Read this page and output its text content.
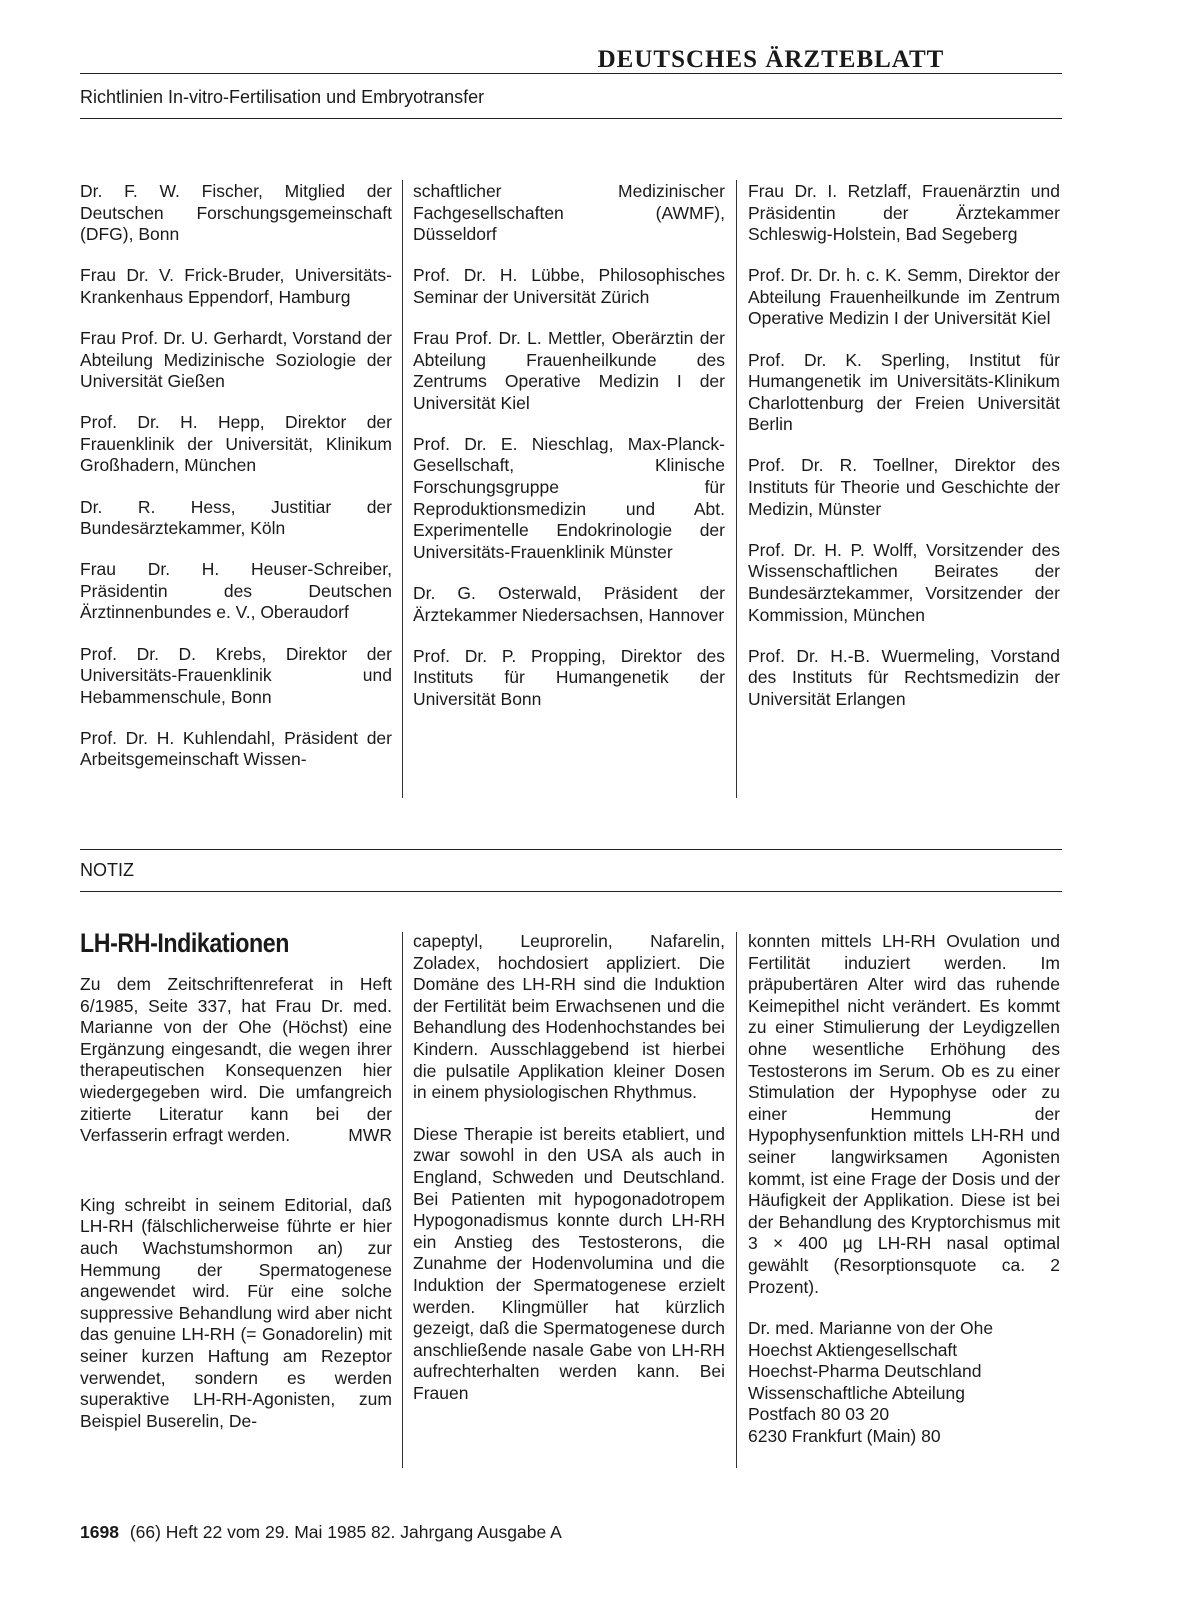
DEUTSCHES ÄRZTEBLATT
Richtlinien In-vitro-Fertilisation und Embryotransfer
Dr. F. W. Fischer, Mitglied der Deutschen Forschungsgemeinschaft (DFG), Bonn
Frau Dr. V. Frick-Bruder, Universitäts-Krankenhaus Eppendorf, Hamburg
Frau Prof. Dr. U. Gerhardt, Vorstand der Abteilung Medizinische Soziologie der Universität Gießen
Prof. Dr. H. Hepp, Direktor der Frauenklinik der Universität, Klinikum Großhadern, München
Dr. R. Hess, Justitiar der Bundesärztekammer, Köln
Frau Dr. H. Heuser-Schreiber, Präsidentin des Deutschen Ärztinnenbundes e. V., Oberaudorf
Prof. Dr. D. Krebs, Direktor der Universitäts-Frauenklinik und Hebammenschule, Bonn
Prof. Dr. H. Kuhlendahl, Präsident der Arbeitsgemeinschaft Wissen-
schaftlicher Medizinischer Fachgesellschaften (AWMF), Düsseldorf
Prof. Dr. H. Lübbe, Philosophisches Seminar der Universität Zürich
Frau Prof. Dr. L. Mettler, Oberärztin der Abteilung Frauenheilkunde des Zentrums Operative Medizin I der Universität Kiel
Prof. Dr. E. Nieschlag, Max-Planck-Gesellschaft, Klinische Forschungsgruppe für Reproduktionsmedizin und Abt. Experimentelle Endokrinologie der Universitäts-Frauenklinik Münster
Dr. G. Osterwald, Präsident der Ärztekammer Niedersachsen, Hannover
Prof. Dr. P. Propping, Direktor des Instituts für Humangenetik der Universität Bonn
Frau Dr. I. Retzlaff, Frauenärztin und Präsidentin der Ärztekammer Schleswig-Holstein, Bad Segeberg
Prof. Dr. Dr. h. c. K. Semm, Direktor der Abteilung Frauenheilkunde im Zentrum Operative Medizin I der Universität Kiel
Prof. Dr. K. Sperling, Institut für Humangenetik im Universitäts-Klinikum Charlottenburg der Freien Universität Berlin
Prof. Dr. R. Toellner, Direktor des Instituts für Theorie und Geschichte der Medizin, Münster
Prof. Dr. H. P. Wolff, Vorsitzender des Wissenschaftlichen Beirates der Bundesärztekammer, Vorsitzender der Kommission, München
Prof. Dr. H.-B. Wuermeling, Vorstand des Instituts für Rechtsmedizin der Universität Erlangen
NOTIZ
LH-RH-Indikationen

Zu dem Zeitschriftenreferat in Heft 6/1985, Seite 337, hat Frau Dr. med. Marianne von der Ohe (Höchst) eine Ergänzung eingesandt, die wegen ihrer therapeutischen Konsequenzen hier wiedergegeben wird. Die umfangreich zitierte Literatur kann bei der Verfasserin erfragt werden.	MWR

King schreibt in seinem Editorial, daß LH-RH (fälschlicherweise führte er hier auch Wachstumshormon an) zur Hemmung der Spermatogenese angewendet wird. Für eine solche suppressive Behandlung wird aber nicht das genuine LH-RH (= Gonadorelin) mit seiner kurzen Haftung am Rezeptor verwendet, sondern es werden superaktive LH-RH-Agonisten, zum Beispiel Buserelin, De-

capeptyl, Leuprorelin, Nafarelin, Zoladex, hochdosiert appliziert. Die Domäne des LH-RH sind die Induktion der Fertilität beim Erwachsenen und die Behandlung des Hodenhochstandes bei Kindern. Ausschlaggebend ist hierbei die pulsatile Applikation kleiner Dosen in einem physiologischen Rhythmus.

Diese Therapie ist bereits etabliert, und zwar sowohl in den USA als auch in England, Schweden und Deutschland. Bei Patienten mit hypogonadotropem Hypogonadismus konnte durch LH-RH ein Anstieg des Testosterons, die Zunahme der Hodenvolumina und die Induktion der Spermatogenese erzielt werden. Klingmüller hat kürzlich gezeigt, daß die Spermatogenese durch anschließende nasale Gabe von LH-RH aufrechterhalten werden kann. Bei Frauen

konnten mittels LH-RH Ovulation und Fertilität induziert werden. Im präpubertären Alter wird das ruhende Keimepithel nicht verändert. Es kommt zu einer Stimulierung der Leydigzellen ohne wesentliche Erhöhung des Testosterons im Serum. Ob es zu einer Stimulation der Hypophyse oder zu einer Hemmung der Hypophysenfunktion mittels LH-RH und seiner langwirksamen Agonisten kommt, ist eine Frage der Dosis und der Häufigkeit der Applikation. Diese ist bei der Behandlung des Kryptorchismus mit 3 × 400 µg LH-RH nasal optimal gewählt (Resorptionsquote ca. 2 Prozent).

Dr. med. Marianne von der Ohe
Hoechst Aktiengesellschaft
Hoechst-Pharma Deutschland
Wissenschaftliche Abteilung
Postfach 80 03 20
6230 Frankfurt (Main) 80
1698 (66) Heft 22 vom 29. Mai 1985 82. Jahrgang Ausgabe A
